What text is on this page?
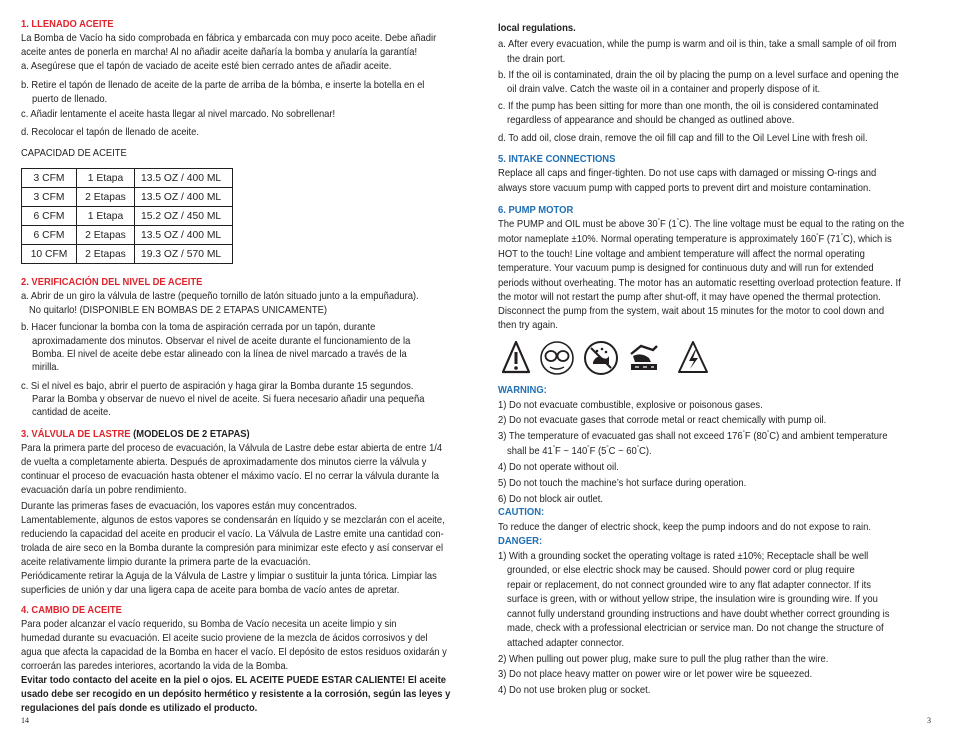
1. LLENADO ACEITE
La Bomba de Vacío ha sido comprobada en fábrica y embarcada con muy poco aceite. Debe añadir
aceite antes de ponerla en marcha! Al no añadir aceite dañaría la bomba y anularía la garantía!
a. Asegúrese que el tapón de vaciado de aceite esté bien cerrado antes de añadir aceite.
b. Retire el tapón de llenado de aceite de la parte de arriba de la bómba, e inserte la botella en el
puerto de llenado.
c. Añadir lentamente el aceite hasta llegar al nivel marcado. No sobrellenar!
d. Recolocar el tapón de llenado de aceite.
CAPACIDAD DE ACEITE
3 CFM	1 Etapa	13.5 OZ / 400 ML
3 CFM	2 Etapas	13.5 OZ / 400 ML
6 CFM	1 Etapa	15.2 OZ / 450 ML
6 CFM	2 Etapas	13.5 OZ / 400 ML
10 CFM	2 Etapas	19.3 OZ / 570 ML
2. VERIFICACIÓN DEL NIVEL DE ACEITE
a. Abrir de un giro la válvula de lastre (pequeño tornillo de latón situado junto a la empuñadura).
No quitarlo! (DISPONIBLE EN BOMBAS DE 2 ETAPAS UNICAMENTE)
b. Hacer funcionar la bomba con la toma de aspiración cerrada por un tapón, durante
aproximadamente dos minutos. Observar el nivel de aceite durante el funcionamiento de la
Bomba. El nivel de aceite debe estar alineado con la línea de nivel marcado a través de la
mirilla.
c. Si el nivel es bajo, abrir el puerto de aspiración y haga girar la Bomba durante 15 segundos.
Parar la Bomba y observar de nuevo el nivel de aceite. Si fuera necesario añadir una pequeña
cantidad de aceite.
3. VÁLVULA DE LASTRE (MODELOS DE 2 ETAPAS)
Para la primera parte del proceso de evacuación, la Válvula de Lastre debe estar abierta de entre 1/4
de vuelta a completamente abierta. Después de aproximadamente dos minutos cierre la válvula y
continuar el proceso de evacuación hasta obtener el máximo vacío. El no cerrar la válvula durante la
evacuación daría un pobre rendimiento.
Durante las primeras fases de evacuación, los vapores están muy concentrados.
Lamentablemente, algunos de estos vapores se condensarán en líquido y se mezclarán con el aceite,
reduciendo la capacidad del aceite en producir el vacío. La Válvula de Lastre emite una cantidad con-
trolada de aire seco en la Bomba durante la compresión para minimizar este efecto y así conservar el
aceite relativamente limpio durante la primera parte de la evacuación.
Periódicamente retirar la Aguja de la Válvula de Lastre y limpiar o sustituir la junta tórica. Limpiar las
superficies de unión y dar una ligera capa de aceite para bomba de vacío antes de apretar.
4. CAMBIO DE ACEITE
Para poder alcanzar el vacío requerido, su Bomba de Vacío necesita un aceite limpio y sin
humedad durante su evacuación. El aceite sucio proviene de la mezcla de ácidos corrosivos y del
agua que afecta la capacidad de la Bomba en hacer el vacío. El depósito de estos residuos oxidarán y
corroerán las paredes interiores, acortando la vida de la Bomba.
Evitar todo contacto del aceite en la piel o ojos. EL ACEITE PUEDE ESTAR CALIENTE! El aceite
usado debe ser recogido en un depósito hermético y resistente a la corrosión, según las leyes y
regulaciones del país donde es utilizado el producto.
14
local regulations.
a. After every evacuation, while the pump is warm and oil is thin, take a small sample of oil from
the drain port.
b. If the oil is contaminated, drain the oil by placing the pump on a level surface and opening the
oil drain valve. Catch the waste oil in a container and properly dispose of it.
c. If the pump has been sitting for more than one month, the oil is considered contaminated
regardless of appearance and should be changed as outlined above.
d. To add oil, close drain, remove the oil fill cap and fill to the Oil Level Line with fresh oil.
5. INTAKE CONNECTIONS
Replace all caps and finger-tighten. Do not use caps with damaged or missing O-rings and
always store vacuum pump with capped ports to prevent dirt and moisture contamination.
6. PUMP MOTOR
The PUMP and OIL must be above 30°F (1°C). The line voltage must be equal to the rating on the
motor nameplate ±10%. Normal operating temperature is approximately 160°F (71°C), which is
HOT to the touch! Line voltage and ambient temperature will affect the normal operating
temperature. Your vacuum pump is designed for continuous duty and will run for extended
periods without overheating. The motor has an automatic resetting overload protection feature. If
the motor will not restart the pump after shut-off, it may have opened the thermal protection.
Disconnect the pump from the system, wait about 15 minutes for the motor to cool down and
then try again.
WARNING:
1) Do not evacuate combustible, explosive or poisonous gases.
2) Do not evacuate gases that corrode metal or react chemically with pump oil.
3) The temperature of evacuated gas shall not exceed 176°F (80°C) and ambient temperature
shall be 41°F ~ 140°F (5°C ~ 60°C).
4) Do not operate without oil.
5) Do not touch the machine’s hot surface during operation.
6) Do not block air outlet.
CAUTION:
To reduce the danger of electric shock, keep the pump indoors and do not expose to rain.
DANGER:
1) With a grounding socket the operating voltage is rated ±10%; Receptacle shall be well
grounded, or else electric shock may be caused. Should power cord or plug require
repair or replacement, do not connect grounded wire to any flat adapter connector. If its
surface is green, with or without yellow stripe, the insulation wire is grounding wire. If you
cannot fully understand grounding instructions and have doubt whether correct grounding is
made, check with a professional electrician or service man. Do not change the structure of
attached adapter connector.
2) When pulling out power plug, make sure to pull the plug rather than the wire.
3) Do not place heavy matter on power wire or let power wire be squeezed.
4) Do not use broken plug or socket.
3
